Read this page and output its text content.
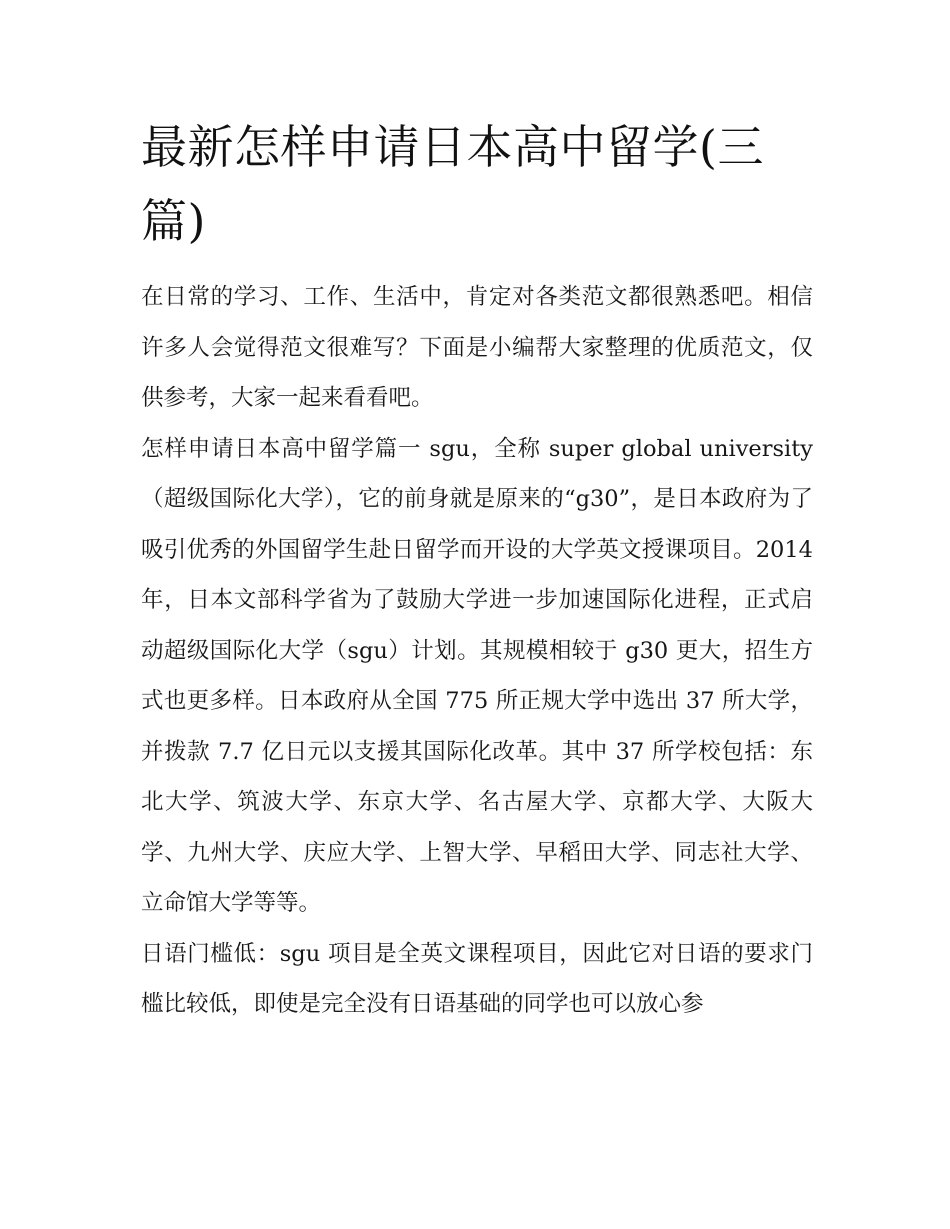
最新怎样申请日本高中留学(三篇)

在日常的学习、工作、生活中，肯定对各类范文都很熟悉吧。相信许多人会觉得范文很难写？下面是小编帮大家整理的优质范文，仅供参考，大家一起来看看吧。

怎样申请日本高中留学篇一 sgu，全称 super global university（超级国际化大学），它的前身就是原来的“g30”，是日本政府为了吸引优秀的外国留学生赴日留学而开设的大学英文授课项目。2014 年，日本文部科学省为了鼓励大学进一步加速国际化进程，正式启动超级国际化大学（sgu）计划。其规模相较于 g30 更大，招生方式也更多样。日本政府从全国 775 所正规大学中选出 37 所大学，并拨款 7.7 亿日元以支援其国际化改革。其中 37 所学校包括：东北大学、筑波大学、东京大学、名古屋大学、京都大学、大阪大学、九州大学、庆应大学、上智大学、早稻田大学、同志社大学、立命馆大学等等。

日语门槛低：sgu 项目是全英文课程项目，因此它对日语的要求门槛比较低，即使是完全没有日语基础的同学也可以放心参
